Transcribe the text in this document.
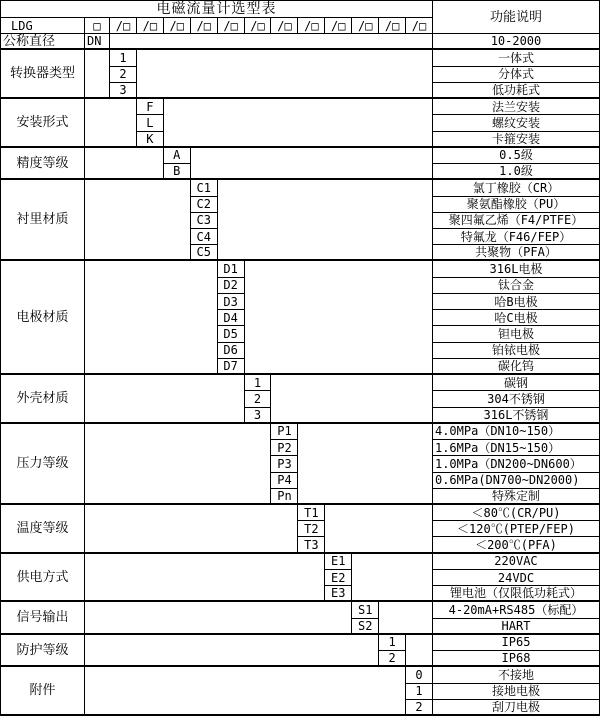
电磁流量计选型表
功能说明
LDG	□	/□	/□	/□	/□	/□	/□	/□	/□	/□	/□	/□	/□
公称直径	DN	10-2000
转换器类型
1	一体式
2	分体式
3	低功耗式
安装形式
F	法兰安装
L	螺纹安装
K	卡箍安装
精度等级
A	0.5级
B	1.0级
衬里材质
C1	氯丁橡胶（CR）
C2	聚氨酯橡胶（PU）
C3	聚四氟乙烯（F4/PTFE）
C4	特氟龙（F46/FEP）
C5	共聚物（PFA）
电极材质
D1	316L电极
D2	钛合金
D3	哈B电极
D4	哈C电极
D5	钽电极
D6	铂铱电极
D7	碳化钨
外壳材质
1	碳钢
2	304不锈钢
3	316L不锈钢
压力等级
P1	4.0MPa（DN10~150）
P2	1.6MPa（DN15~150）
P3	1.0MPa（DN200~DN600）
P4	0.6MPa(DN700~DN2000)
Pn	特殊定制
温度等级
T1	＜80℃(CR/PU)
T2	＜120℃(PTEP/FEP)
T3	＜200℃(PFA)
供电方式
E1	220VAC
E2	24VDC
E3	锂电池（仅限低功耗式）
信号输出
S1	4-20mA+RS485（标配）
S2	HART
防护等级
1	IP65
2	IP68
附件
0	不接地
1	接地电极
2	刮刀电极
